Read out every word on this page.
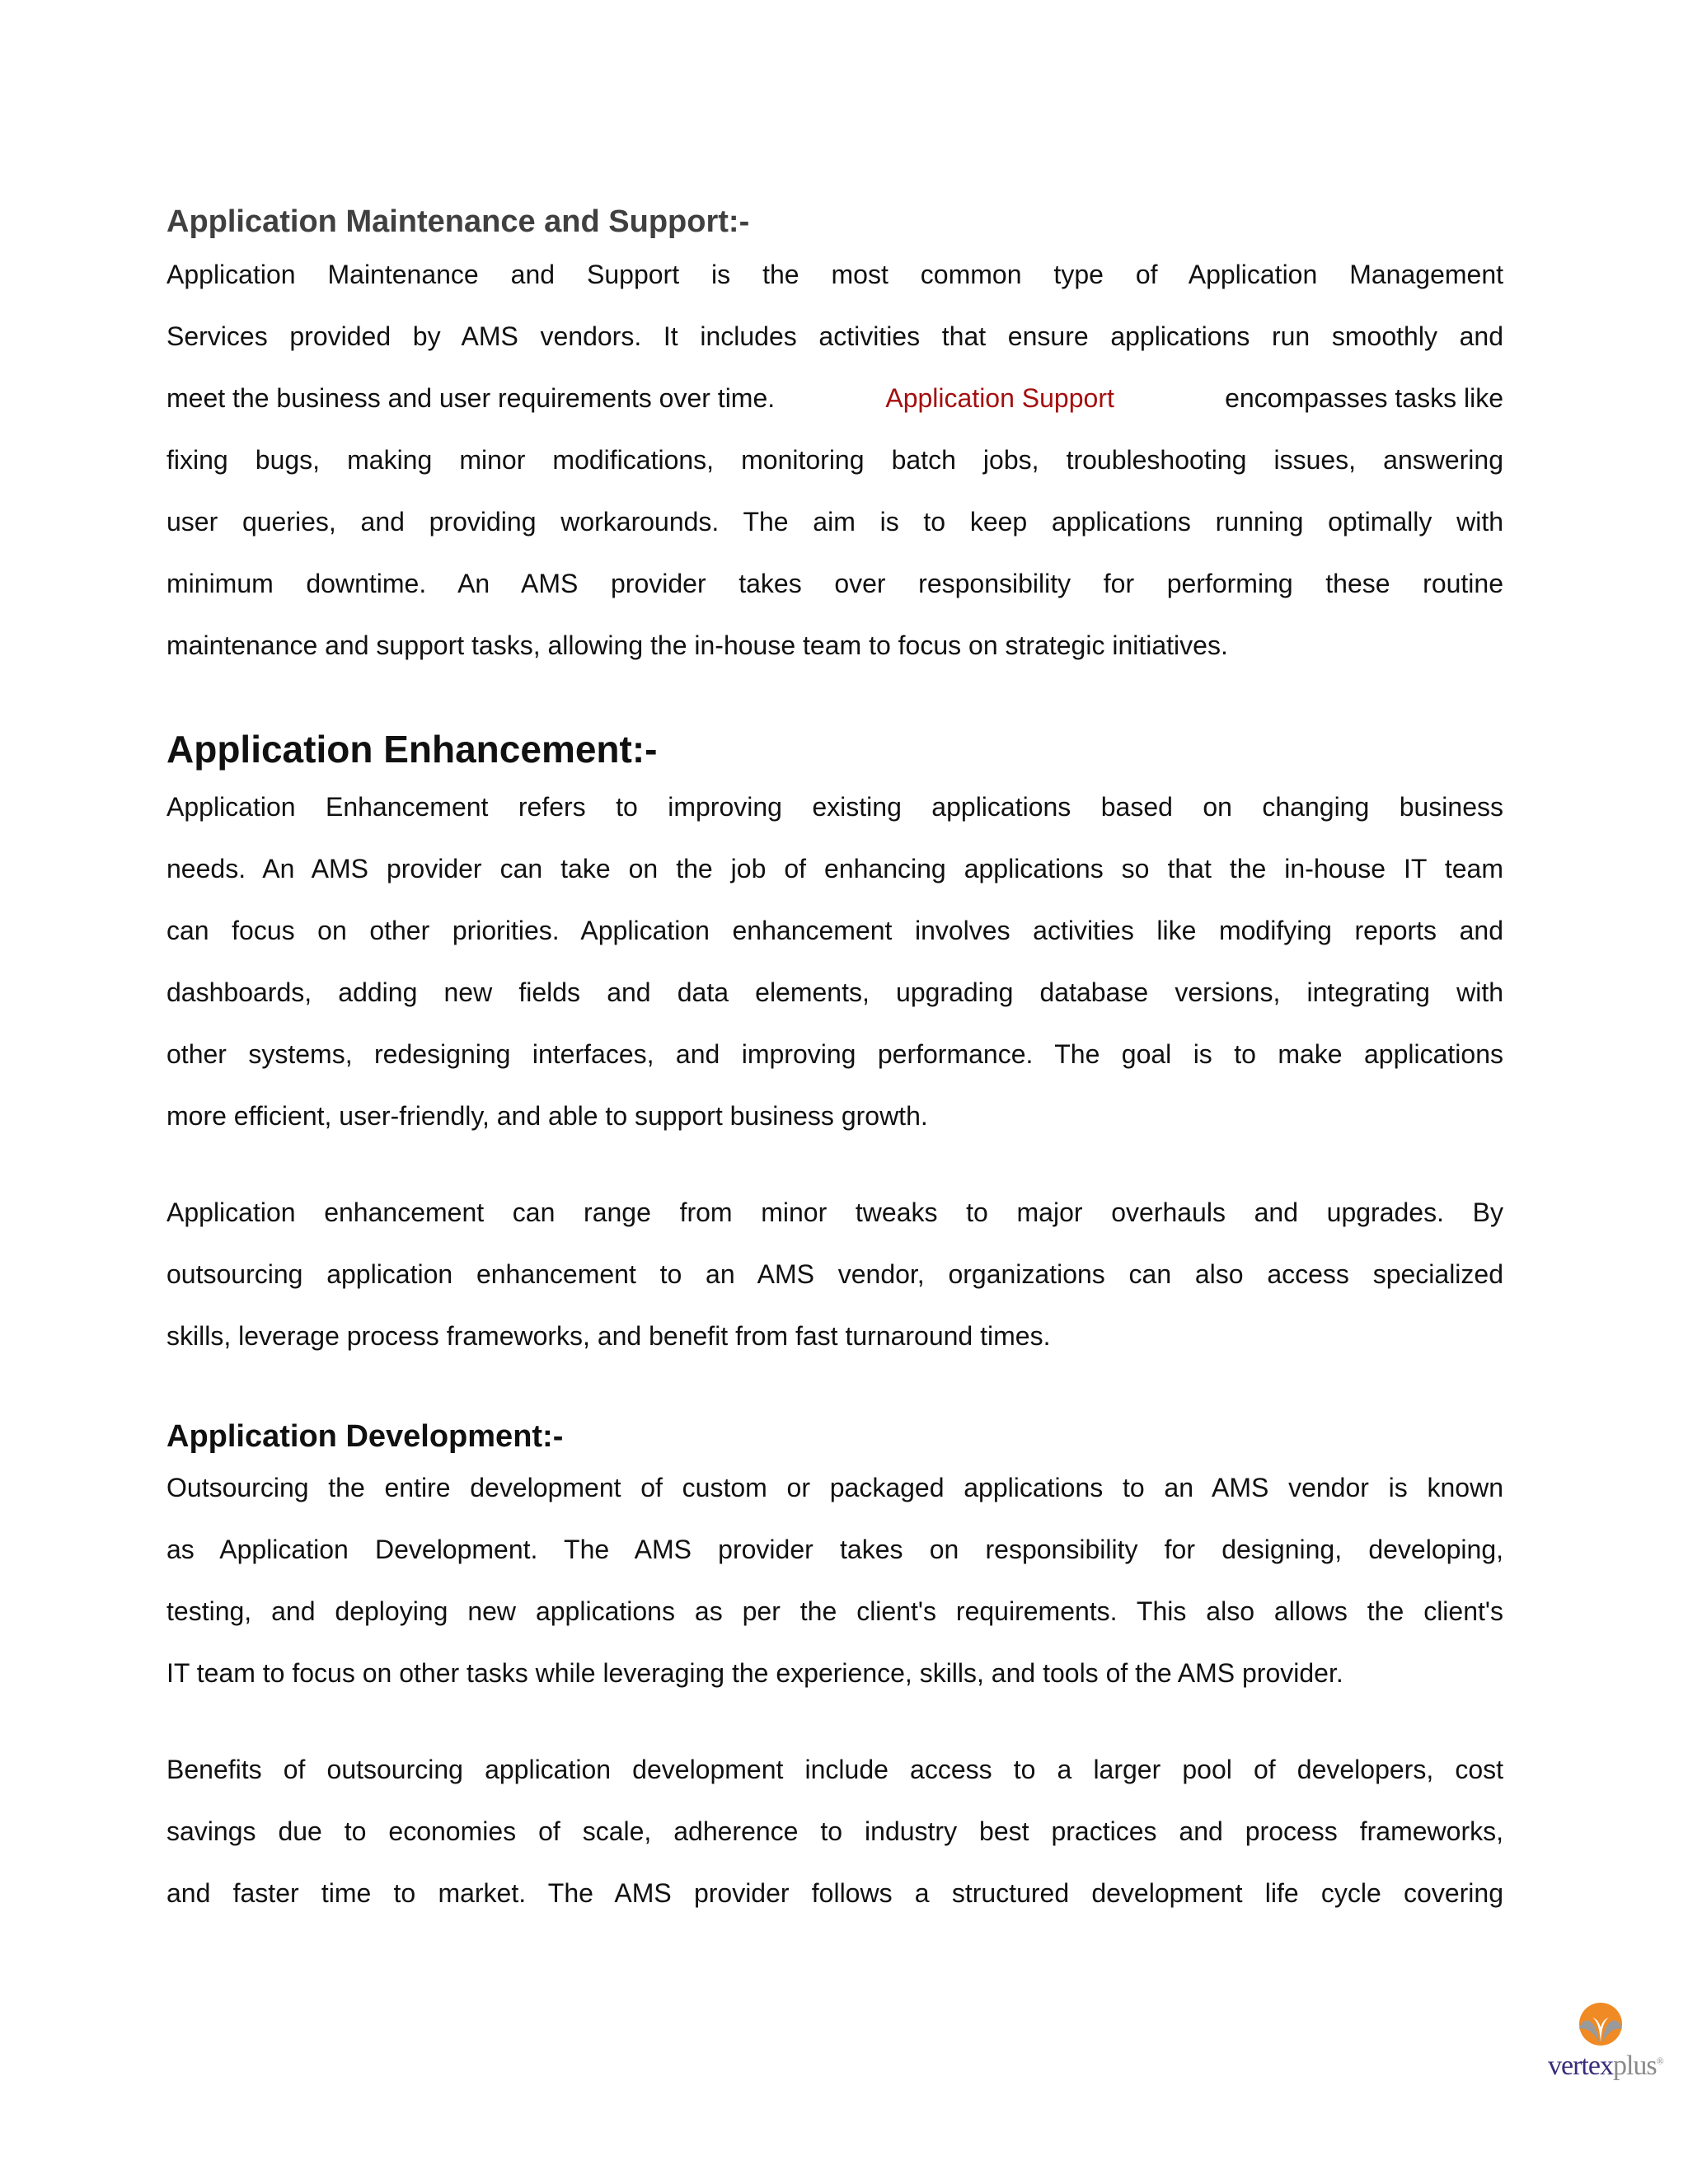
Application Maintenance and Support:-
Application Maintenance and Support is the most common type of Application Management
Services provided by AMS vendors. It includes activities that ensure applications run smoothly and
meet the business and user requirements over time.	Application Support	encompasses tasks like
fixing bugs, making minor modifications, monitoring batch jobs, troubleshooting issues, answering
user queries, and providing workarounds. The aim is to keep applications running optimally with
minimum downtime. An AMS provider takes over responsibility for performing these routine
maintenance and support tasks, allowing the in-house team to focus on strategic initiatives.
Application Enhancement:-
Application Enhancement refers to improving existing applications based on changing business
needs. An AMS provider can take on the job of enhancing applications so that the in-house IT team
can focus on other priorities. Application enhancement involves activities like modifying reports and
dashboards, adding new fields and data elements, upgrading database versions, integrating with
other systems, redesigning interfaces, and improving performance. The goal is to make applications
more efficient, user-friendly, and able to support business growth.
Application enhancement can range from minor tweaks to major overhauls and upgrades. By
outsourcing application enhancement to an AMS vendor, organizations can also access specialized
skills, leverage process frameworks, and benefit from fast turnaround times.
Application Development:-
Outsourcing the entire development of custom or packaged applications to an AMS vendor is known
as Application Development. The AMS provider takes on responsibility for designing, developing,
testing, and deploying new applications as per the client's requirements. This also allows the client's
IT team to focus on other tasks while leveraging the experience, skills, and tools of the AMS provider.
Benefits of outsourcing application development include access to a larger pool of developers, cost
savings due to economies of scale, adherence to industry best practices and process frameworks,
and faster time to market. The AMS provider follows a structured development life cycle covering
vertexplus®
